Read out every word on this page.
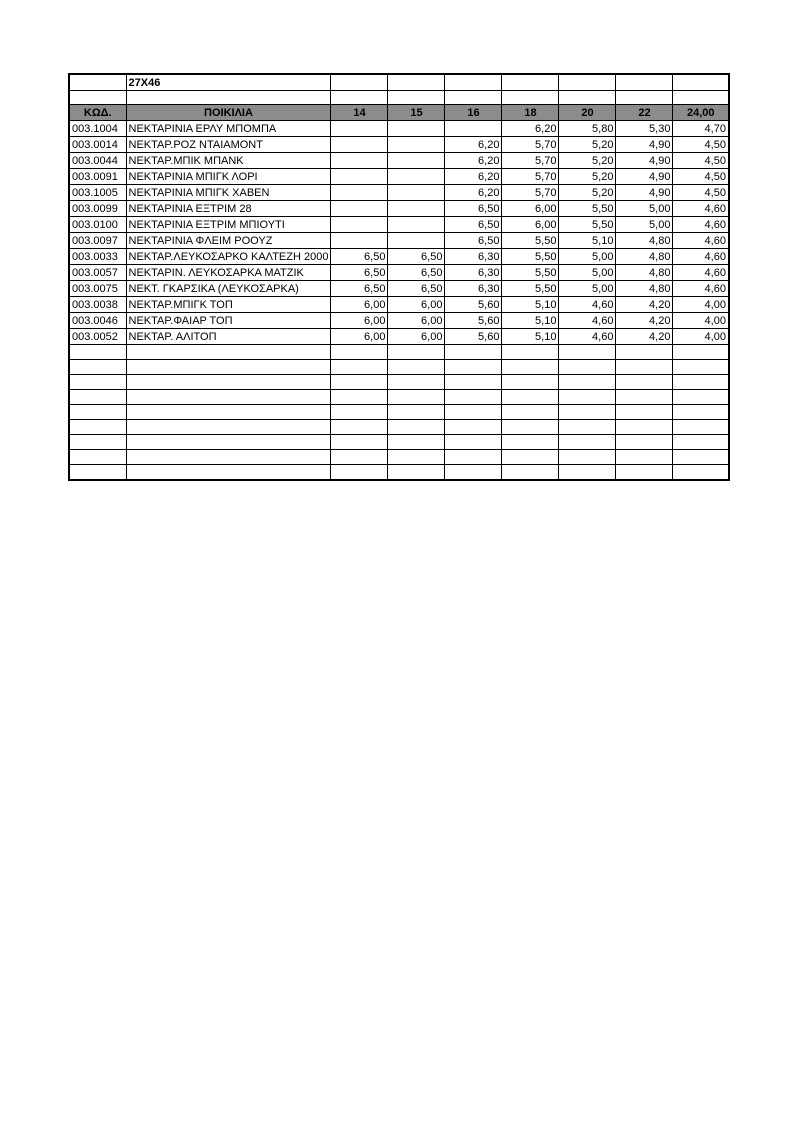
	27X46							

ΚΩΔ.	ΠΟΙΚΙΛΙΑ	14	15	16	18	20	22	24,00
003.1004	ΝΕΚΤΑΡΙΝΙΑ ΕΡΛΥ ΜΠΟΜΠΑ				6,20	5,80	5,30	4,70
003.0014	ΝΕΚΤΑΡ.ΡΟΖ ΝΤΑΙΑΜΟΝΤ			6,20	5,70	5,20	4,90	4,50
003.0044	ΝΕΚΤΑΡ.ΜΠΙΚ ΜΠΑΝΚ			6,20	5,70	5,20	4,90	4,50
003.0091	ΝΕΚΤΑΡΙΝΙΑ ΜΠΙΓΚ ΛΟΡΙ			6,20	5,70	5,20	4,90	4,50
003.1005	ΝΕΚΤΑΡΙΝΙΑ ΜΠΙΓΚ ΧΑΒΕΝ			6,20	5,70	5,20	4,90	4,50
003.0099	ΝΕΚΤΑΡΙΝΙΑ ΕΞΤΡΙΜ 28			6,50	6,00	5,50	5,00	4,60
003.0100	ΝΕΚΤΑΡΙΝΙΑ ΕΞΤΡΙΜ ΜΠΙΟΥΤΙ			6,50	6,00	5,50	5,00	4,60
003.0097	ΝΕΚΤΑΡΙΝΙΑ ΦΛΕΙΜ ΡΟΟΥΖ			6,50	5,50	5,10	4,80	4,60
003.0033	ΝΕΚΤΑΡ.ΛΕΥΚΟΣΑΡΚΟ ΚΑΛΤΕΖΗ 2000	6,50	6,50	6,30	5,50	5,00	4,80	4,60
003.0057	ΝΕΚΤΑΡΙΝ. ΛΕΥΚΟΣΑΡΚΑ ΜΑΤΖΙΚ	6,50	6,50	6,30	5,50	5,00	4,80	4,60
003.0075	ΝΕΚΤ. ΓΚΑΡΣΙΚΑ (ΛΕΥΚΟΣΑΡΚΑ)	6,50	6,50	6,30	5,50	5,00	4,80	4,60
003.0038	ΝΕΚΤΑΡ.ΜΠΙΓΚ ΤΟΠ	6,00	6,00	5,60	5,10	4,60	4,20	4,00
003.0046	ΝΕΚΤΑΡ.ΦΑΙΑΡ ΤΟΠ	6,00	6,00	5,60	5,10	4,60	4,20	4,00
003.0052	ΝΕΚΤΑΡ. ΑΛΙΤΟΠ	6,00	6,00	5,60	5,10	4,60	4,20	4,00
